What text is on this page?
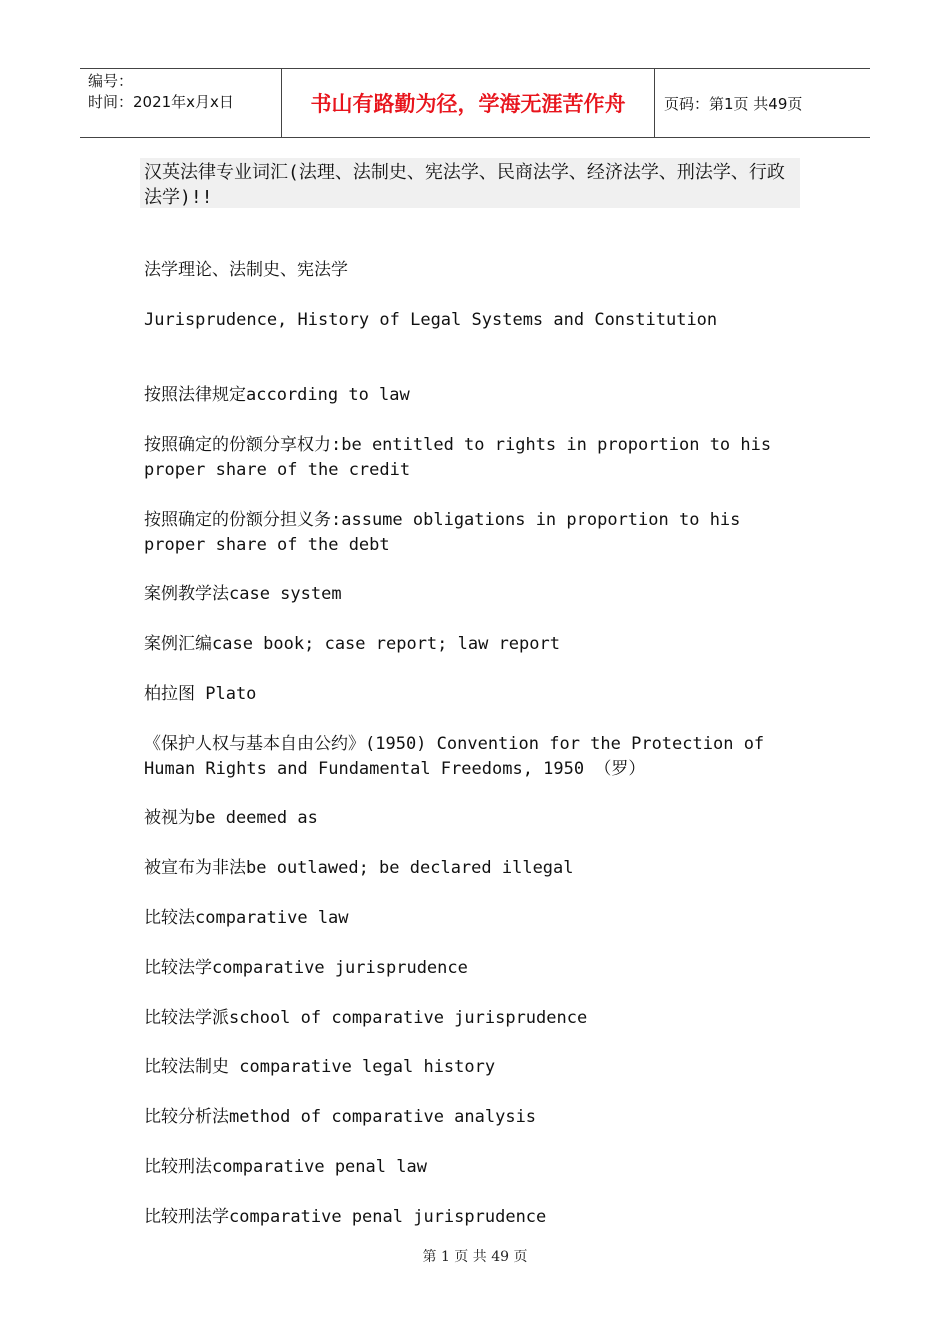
编号：
时间：2021年x月x日	书山有路勤为径，学海无涯苦作舟	页码：第1页 共49页
汉英法律专业词汇(法理、法制史、宪法学、民商法学、经济法学、刑法学、行政法学)!!
法学理论、法制史、宪法学
Jurisprudence, History of Legal Systems and Constitution
按照法律规定according to law
按照确定的份额分享权力:be entitled to rights in proportion to his proper share of the credit
按照确定的份额分担义务:assume obligations in proportion to his proper share of the debt
案例教学法case system
案例汇编case book; case report; law report
柏拉图 Plato
《保护人权与基本自由公约》(1950) Convention for the Protection of Human Rights and Fundamental Freedoms, 1950 （罗）
被视为be deemed as
被宣布为非法be outlawed; be declared illegal
比较法comparative law
比较法学comparative jurisprudence
比较法学派school of comparative jurisprudence
比较法制史 comparative legal history
比较分析法method of comparative analysis
比较刑法comparative penal law
比较刑法学comparative penal jurisprudence
第 1 页 共 49 页
